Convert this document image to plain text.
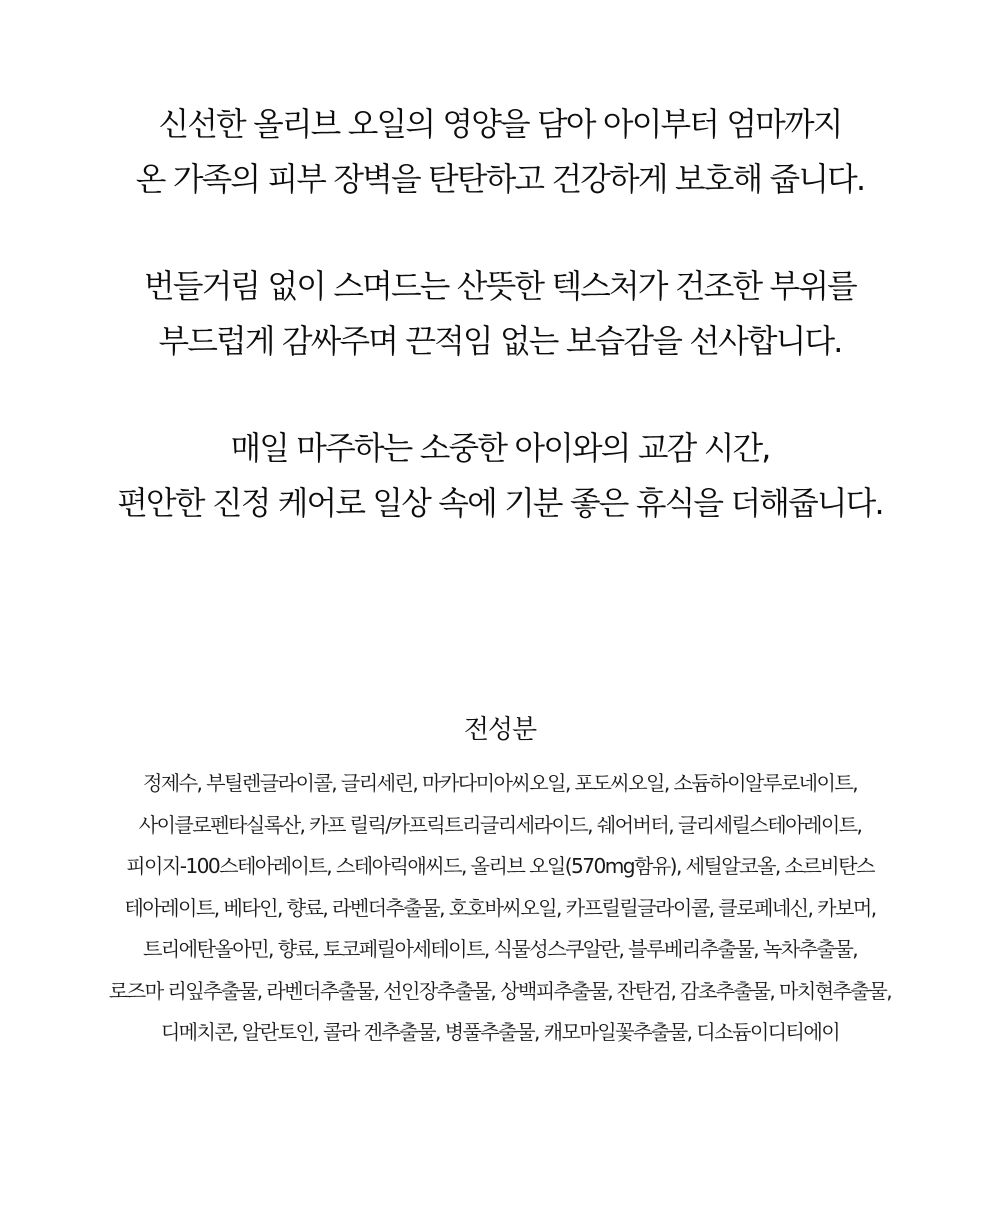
신선한 올리브 오일의 영양을 담아 아이부터 엄마까지
온 가족의 피부 장벽을 탄탄하고 건강하게 보호해 줍니다.

번들거림 없이 스며드는 산뜻한 텍스처가 건조한 부위를
부드럽게 감싸주며 끈적임 없는 보습감을 선사합니다.

매일 마주하는 소중한 아이와의 교감 시간,
편안한 진정 케어로 일상 속에 기분 좋은 휴식을 더해줍니다.

전성분
정제수, 부틸렌글라이콜, 글리세린, 마카다미아씨오일, 포도씨오일, 소듐하이알루로네이트,
사이클로펜타실록산, 카프 릴릭/카프릭트리글리세라이드, 쉐어버터, 글리세릴스테아레이트,
피이지-100스테아레이트, 스테아릭애씨드, 올리브 오일(570mg함유), 세틸알코올, 소르비탄스
테아레이트, 베타인, 향료, 라벤더추출물, 호호바씨오일, 카프릴릴글라이콜, 클로페네신, 카보머,
트리에탄올아민, 향료, 토코페릴아세테이트, 식물성스쿠알란, 블루베리추출물, 녹차추출물,
로즈마 리잎추출물, 라벤더추출물, 선인장추출물, 상백피추출물, 잔탄검, 감초추출물, 마치현추출물,
디메치콘, 알란토인, 콜라 겐추출물, 병풀추출물, 캐모마일꽃추출물, 디소듐이디티에이
